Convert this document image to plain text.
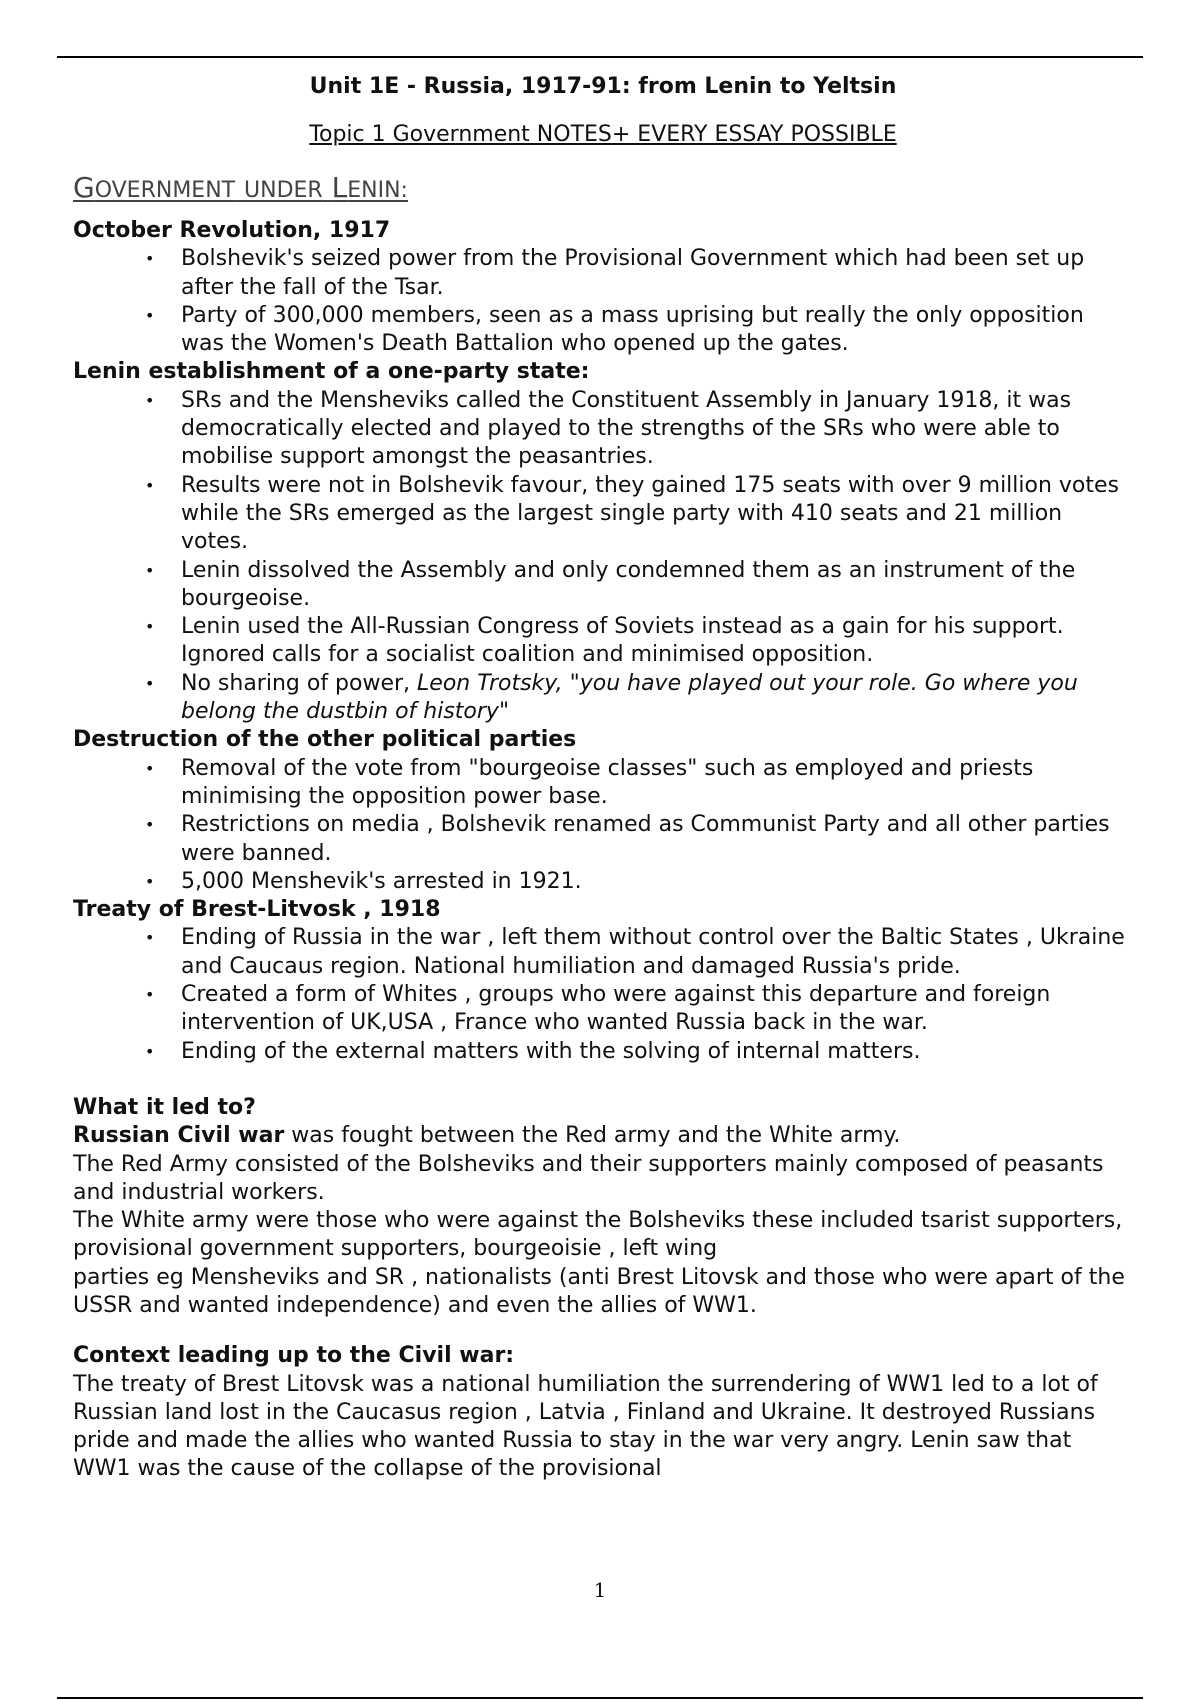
Unit 1E - Russia, 1917-91: from Lenin to Yeltsin

Topic 1 Government NOTES+ EVERY ESSAY POSSIBLE

GOVERNMENT UNDER LENIN:

October Revolution, 1917

• Bolshevik's seized power from the Provisional Government which had been set up after the fall of the Tsar.
• Party of 300,000 members, seen as a mass uprising but really the only opposition was the Women's Death Battalion who opened up the gates.

Lenin establishment of a one-party state:

• SRs and the Mensheviks called the Constituent Assembly in January 1918, it was democratically elected and played to the strengths of the SRs who were able to mobilise support amongst the peasantries.
• Results were not in Bolshevik favour, they gained 175 seats with over 9 million votes while the SRs emerged as the largest single party with 410 seats and 21 million votes.
• Lenin dissolved the Assembly and only condemned them as an instrument of the bourgeoise.
• Lenin used the All-Russian Congress of Soviets instead as a gain for his support. Ignored calls for a socialist coalition and minimised opposition.
• No sharing of power, Leon Trotsky, "you have played out your role. Go where you belong the dustbin of history"

Destruction of the other political parties

• Removal of the vote from "bourgeoise classes" such as employed and priests minimising the opposition power base.
• Restrictions on media , Bolshevik renamed as Communist Party and all other parties were banned.
• 5,000 Menshevik's arrested in 1921.

Treaty of Brest-Litvosk , 1918

• Ending of Russia in the war , left them without control over the Baltic States , Ukraine and Caucaus region. National humiliation and damaged Russia's pride.
• Created a form of Whites , groups who were against this departure and foreign intervention of UK,USA , France who wanted Russia back in the war.
• Ending of the external matters with the solving of internal matters.

What it led to?

Russian Civil war was fought between the Red army and the White army.

The Red Army consisted of the Bolsheviks and their supporters mainly composed of peasants and industrial workers.

The White army were those who were against the Bolsheviks these included tsarist supporters, provisional government supporters, bourgeoisie , left wing

parties eg Mensheviks and SR , nationalists (anti Brest Litovsk and those who were apart of the USSR and wanted independence) and even the allies of WW1.

Context leading up to the Civil war:

The treaty of Brest Litovsk was a national humiliation the surrendering of WW1 led to a lot of Russian land lost in the Caucasus region , Latvia , Finland and Ukraine. It destroyed Russians pride and made the allies who wanted Russia to stay in the war very angry. Lenin saw that WW1 was the cause of the collapse of the provisional

1
